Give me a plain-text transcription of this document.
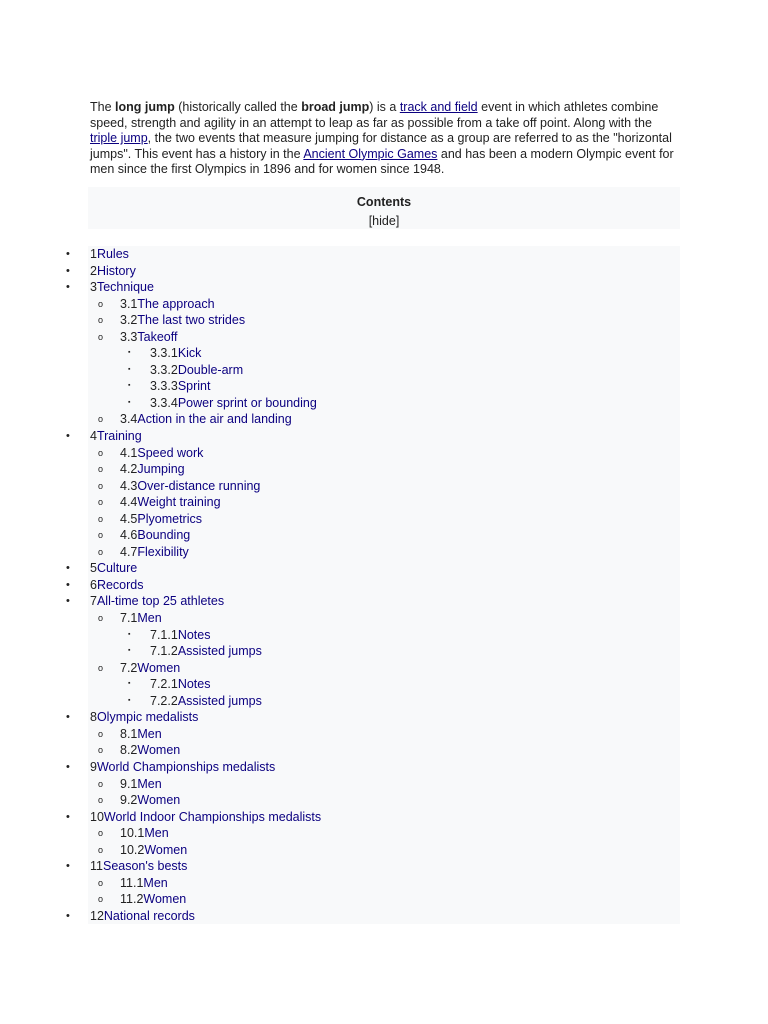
The long jump (historically called the broad jump) is a track and field event in which athletes combine speed, strength and agility in an attempt to leap as far as possible from a take off point. Along with the triple jump, the two events that measure jumping for distance as a group are referred to as the "horizontal jumps". This event has a history in the Ancient Olympic Games and has been a modern Olympic event for men since the first Olympics in 1896 and for women since 1948.

Contents
[hide]
• 1Rules
• 2History
• 3Technique
o 3.1The approach
o 3.2The last two strides
o 3.3Takeoff
▪ 3.3.1Kick
▪ 3.3.2Double-arm
▪ 3.3.3Sprint
▪ 3.3.4Power sprint or bounding
o 3.4Action in the air and landing
• 4Training
o 4.1Speed work
o 4.2Jumping
o 4.3Over-distance running
o 4.4Weight training
o 4.5Plyometrics
o 4.6Bounding
o 4.7Flexibility
• 5Culture
• 6Records
• 7All-time top 25 athletes
o 7.1Men
▪ 7.1.1Notes
▪ 7.1.2Assisted jumps
o 7.2Women
▪ 7.2.1Notes
▪ 7.2.2Assisted jumps
• 8Olympic medalists
o 8.1Men
o 8.2Women
• 9World Championships medalists
o 9.1Men
o 9.2Women
• 10World Indoor Championships medalists
o 10.1Men
o 10.2Women
• 11Season's bests
o 11.1Men
o 11.2Women
• 12National records
